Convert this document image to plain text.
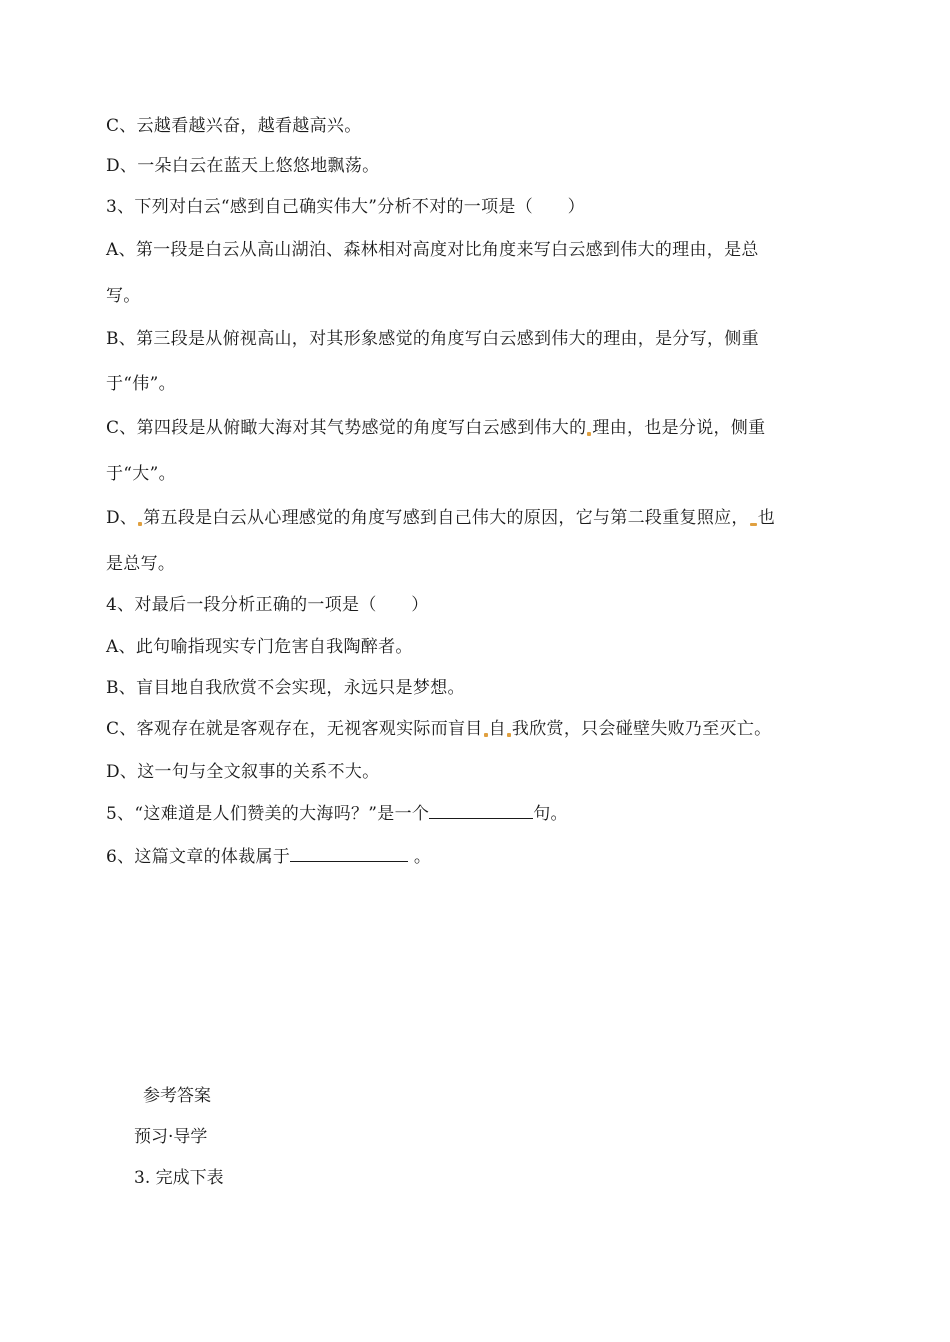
C、云越看越兴奋，越看越高兴。
D、一朵白云在蓝天上悠悠地飘荡。
3、下列对白云“感到自己确实伟大”分析不对的一项是（　　）
A、第一段是白云从高山湖泊、森林相对高度对比角度来写白云感到伟大的理由，是总
写。
B、第三段是从俯视高山，对其形象感觉的角度写白云感到伟大的理由，是分写，侧重
于“伟”。
C、第四段是从俯瞰大海对其气势感觉的角度写白云感到伟大的 理由，也是分说，侧重
于“大”。
D、 第五段是白云从心理感觉的角度写感到自己伟大的原因，它与第二段重复照应， 也
是总写。
4、对最后一段分析正确的一项是（　　）
A、此句喻指现实专门危害自我陶醉者。
B、盲目地自我欣赏不会实现，永远只是梦想。
C、客观存在就是客观存在，无视客观实际而盲目 自 我欣赏，只会碰壁失败乃至灭亡。
D、这一句与全文叙事的关系不大。
5、“这难道是人们赞美的大海吗？”是一个	句。
6、这篇文章的体裁属于	。
参考答案
预习·导学
3. 完成下表
